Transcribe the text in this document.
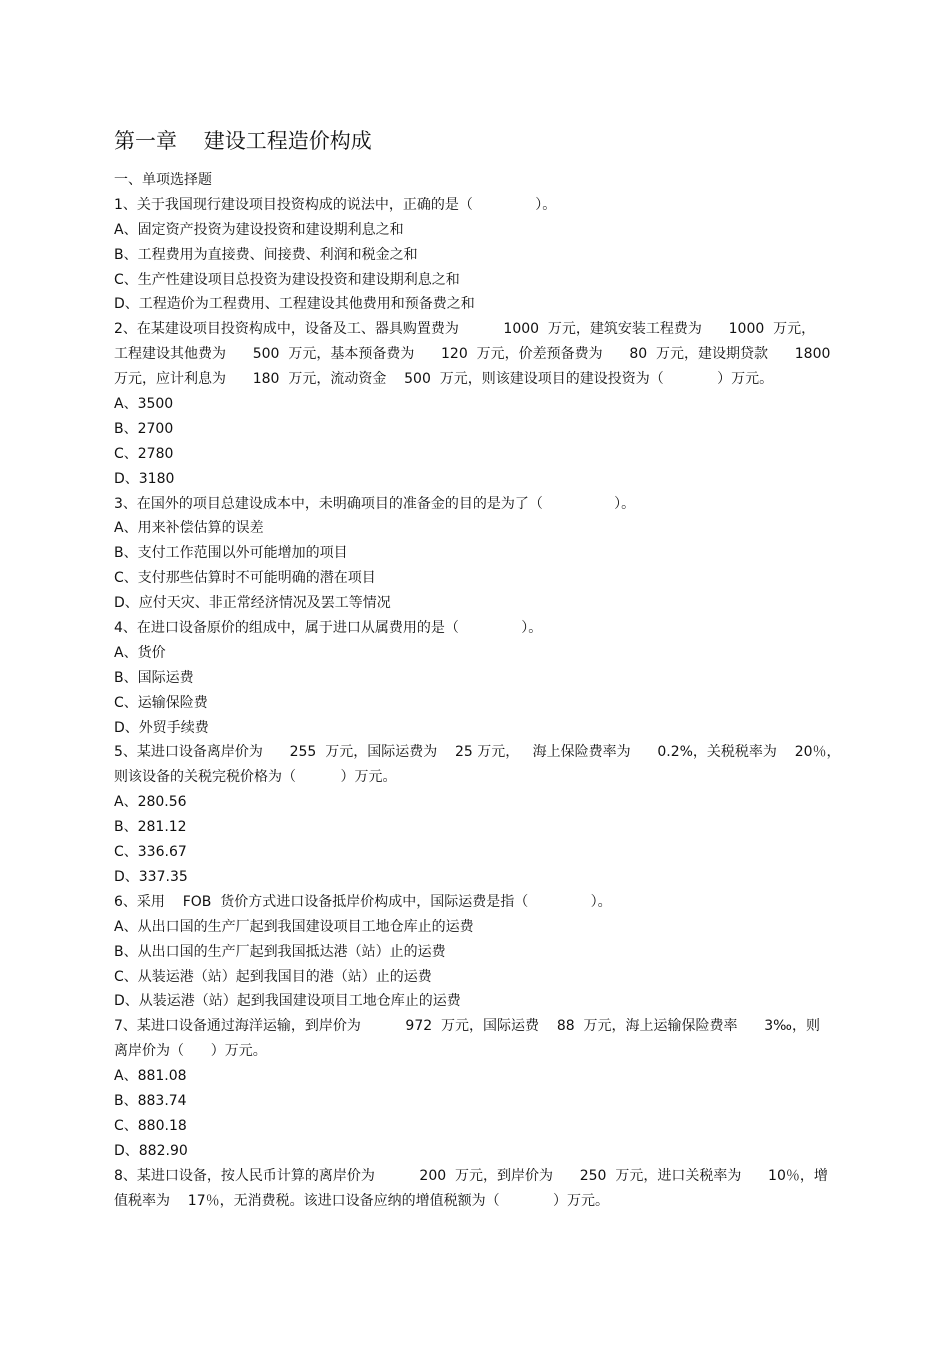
第一章    建设工程造价构成
一、单项选择题
1、关于我国现行建设项目投资构成的说法中，正确的是（              ）。
A、固定资产投资为建设投资和建设期利息之和
B、工程费用为直接费、间接费、利润和税金之和
C、生产性建设项目总投资为建设投资和建设期利息之和
D、工程造价为工程费用、工程建设其他费用和预备费之和
2、在某建设项目投资构成中，设备及工、器具购置费为          1000  万元，建筑安装工程费为      1000  万元，
工程建设其他费为      500  万元，基本预备费为      120  万元，价差预备费为      80  万元，建设期贷款      1800
万元，应计利息为      180  万元，流动资金    500  万元，则该建设项目的建设投资为（            ）万元。
A、3500
B、2700
C、2780
D、3180
3、在国外的项目总建设成本中，未明确项目的准备金的目的是为了（                ）。
A、用来补偿估算的误差
B、支付工作范围以外可能增加的项目
C、支付那些估算时不可能明确的潜在项目
D、应付天灾、非正常经济情况及罢工等情况
4、在进口设备原价的组成中，属于进口从属费用的是（              ）。
A、货价
B、国际运费
C、运输保险费
D、外贸手续费
5、某进口设备离岸价为      255  万元，国际运费为    25 万元，   海上保险费率为      0.2%，关税税率为    20％，
则该设备的关税完税价格为（          ）万元。
A、280.56
B、281.12
C、336.67
D、337.35
6、采用    FOB  货价方式进口设备抵岸价构成中，国际运费是指（              ）。
A、从出口国的生产厂起到我国建设项目工地仓库止的运费
B、从出口国的生产厂起到我国抵达港（站）止的运费
C、从装运港（站）起到我国目的港（站）止的运费
D、从装运港（站）起到我国建设项目工地仓库止的运费
7、某进口设备通过海洋运输，到岸价为          972  万元，国际运费    88  万元，海上运输保险费率      3‰，则
离岸价为（      ）万元。
A、881.08
B、883.74
C、880.18
D、882.90
8、某进口设备，按人民币计算的离岸价为          200  万元，到岸价为      250  万元，进口关税率为      10％，增
值税率为    17％，无消费税。该进口设备应纳的增值税额为（            ）万元。
